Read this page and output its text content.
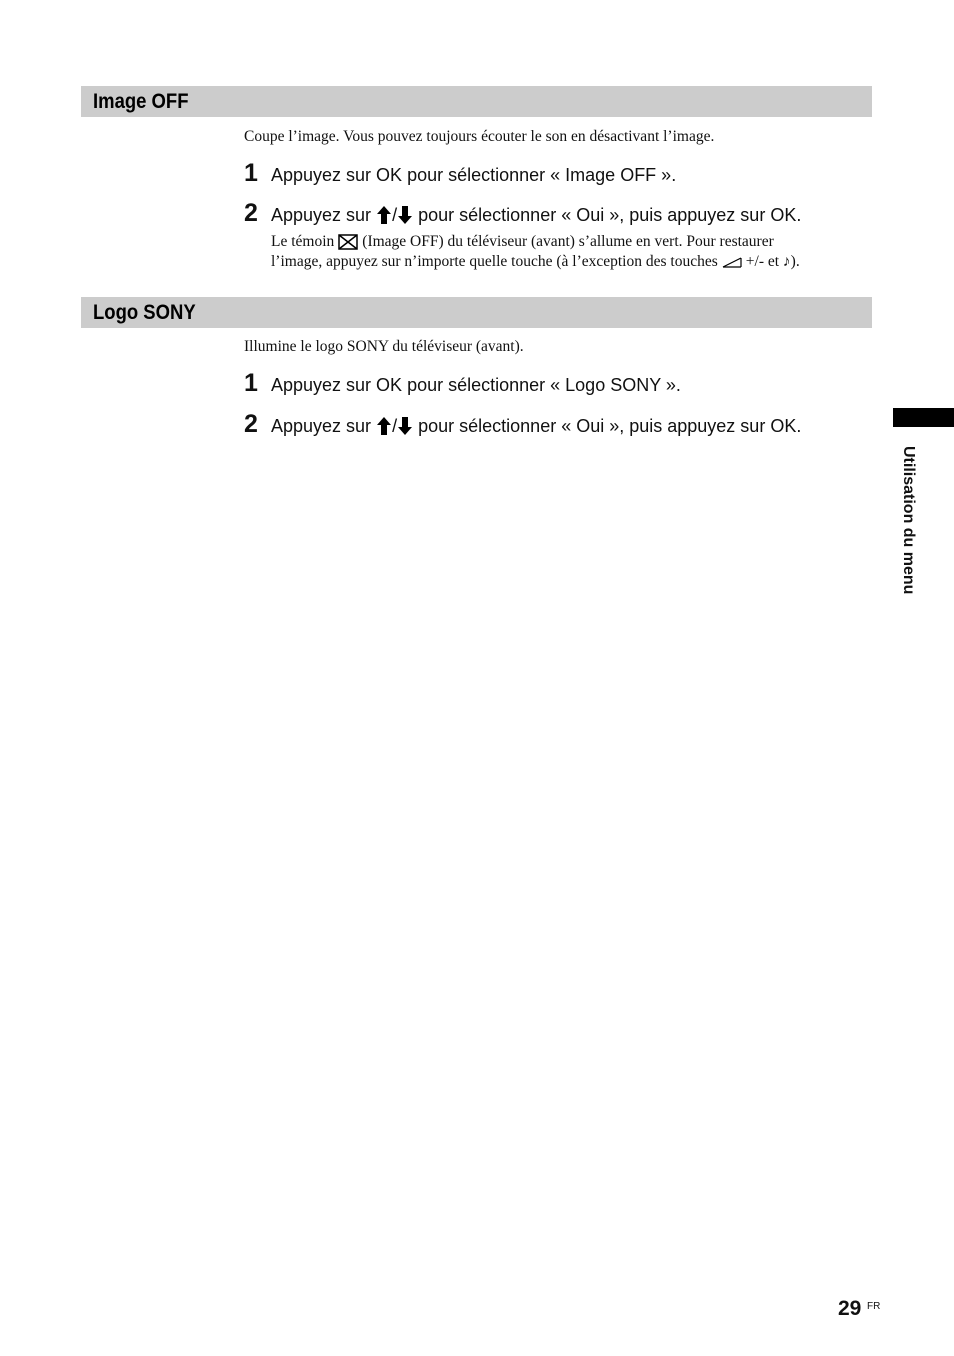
Image OFF
Coupe l’image. Vous pouvez toujours écouter le son en désactivant l’image.
1 Appuyez sur OK pour sélectionner « Image OFF ».
2 Appuyez sur
/
pour sélectionner « Oui », puis appuyez sur OK.
Le témoin (Image OFF) du téléviseur (avant) s’allume en vert. Pour restaurer
l’image, appuyez sur n’importe quelle touche (à l’exception des touches +/- et
♪ ).
Logo SONY
Illumine le logo SONY du téléviseur (avant).
1 Appuyez sur OK pour sélectionner « Logo SONY ».
2 Appuyez sur
/
pour sélectionner « Oui », puis appuyez sur OK.
Utilisation du menu
29 FR
